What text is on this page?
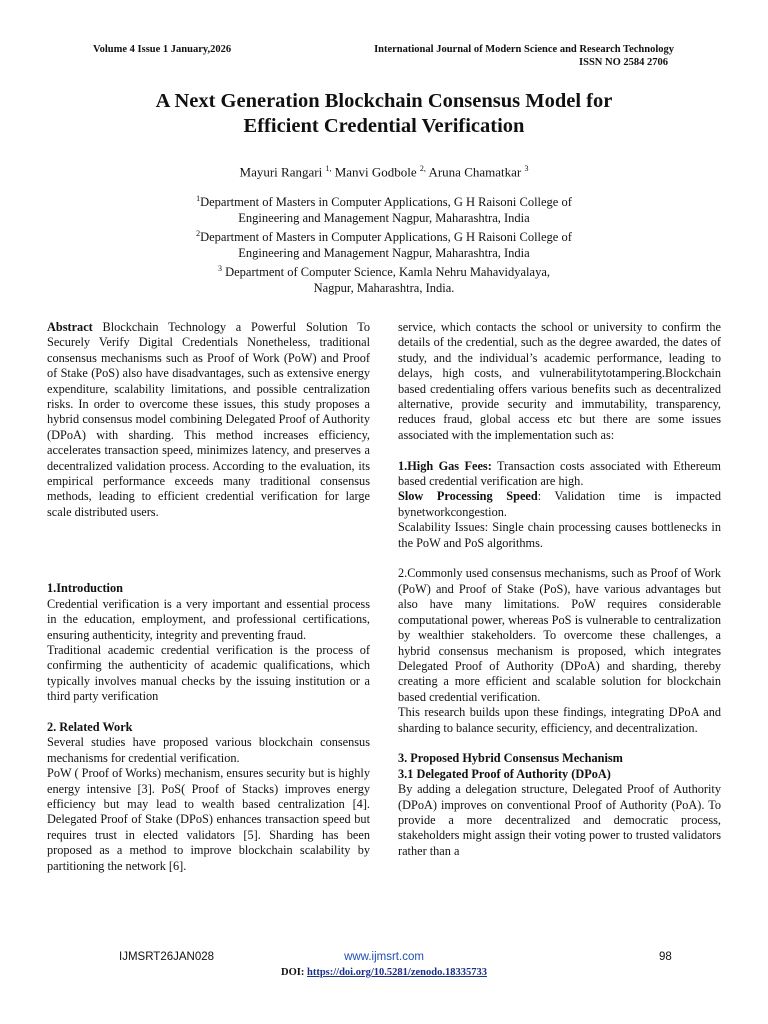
Volume 4 Issue 1 January,2026	International Journal of Modern Science and Research Technology
ISSN NO 2584 2706
A Next Generation Blockchain Consensus Model for
Efficient Credential Verification
Mayuri Rangari $^{1,}$ Manvi Godbole $^{2,}$ Aruna Chamatkar $^3$
$^1$Department of Masters in Computer Applications, G H Raisoni College of
Engineering and Management Nagpur, Maharashtra, India
$^2$Department of Masters in Computer Applications, G H Raisoni College of
Engineering and Management Nagpur, Maharashtra, India
$^3$ Department of Computer Science, Kamla Nehru Mahavidyalaya,
Nagpur, Maharashtra, India.

Abstract Blockchain Technology a Powerful Solution To Securely Verify Digital Credentials Nonetheless, traditional consensus mechanisms such as Proof of Work (PoW) and Proof of Stake (PoS) also have disadvantages, such as extensive energy expenditure, scalability limitations, and possible centralization risks. In order to overcome these issues, this study proposes a hybrid consensus model combining Delegated Proof of Authority (DPoA) with sharding. This method increases efficiency, accelerates transaction speed, minimizes latency, and preserves a decentralized validation process. According to the evaluation, its empirical performance exceeds many traditional consensus methods, leading to efficient credential verification for large scale distributed users.

1.Introduction

Credential verification is a very important and essential process in the education, employment, and professional certifications, ensuring authenticity, integrity and preventing fraud.

Traditional academic credential verification is the process of confirming the authenticity of academic qualifications, which typically involves manual checks by the issuing institution or a third party verification

2. Related Work

Several studies have proposed various blockchain consensus mechanisms for credential verification.

PoW ( Proof of Works) mechanism, ensures security but is highly energy intensive [3]. PoS( Proof of Stacks) improves energy efficiency but may lead to wealth based centralization [4]. Delegated Proof of Stake (DPoS) enhances transaction speed but requires trust in elected validators [5]. Sharding has been proposed as a method to improve blockchain scalability by partitioning the network [6].

service, which contacts the school or university to confirm the details of the credential, such as the degree awarded, the dates of study, and the individual’s academic performance, leading to delays, high costs, and vulnerabilitytotampering.Blockchain based credentialing offers various benefits such as decentralized alternative, provide security and immutability, transparency, reduces fraud, global access etc but there are some issues associated with the implementation such as:

1.High Gas Fees: Transaction costs associated with Ethereum based credential verification are high.

Slow Processing Speed: Validation time is impacted bynetworkcongestion.

Scalability Issues: Single chain processing causes bottlenecks in the PoW and PoS algorithms.

2.Commonly used consensus mechanisms, such as Proof of Work (PoW) and Proof of Stake (PoS), have various advantages but also have many limitations. PoW requires considerable computational power, whereas PoS is vulnerable to centralization by wealthier stakeholders. To overcome these challenges, a hybrid consensus mechanism is proposed, which integrates Delegated Proof of Authority (DPoA) and sharding, thereby creating a more efficient and scalable solution for blockchain based credential verification.

This research builds upon these findings, integrating DPoA and sharding to balance security, efficiency, and decentralization.

3. Proposed Hybrid Consensus Mechanism

3.1 Delegated Proof of Authority (DPoA)

By adding a delegation structure, Delegated Proof of Authority (DPoA) improves on conventional Proof of Authority (PoA). To provide a more decentralized and democratic process, stakeholders might assign their voting power to trusted validators rather than a

IJMSRT26JAN028	www.ijmsrt.com	98
DOI: https://doi.org/10.5281/zenodo.18335733
